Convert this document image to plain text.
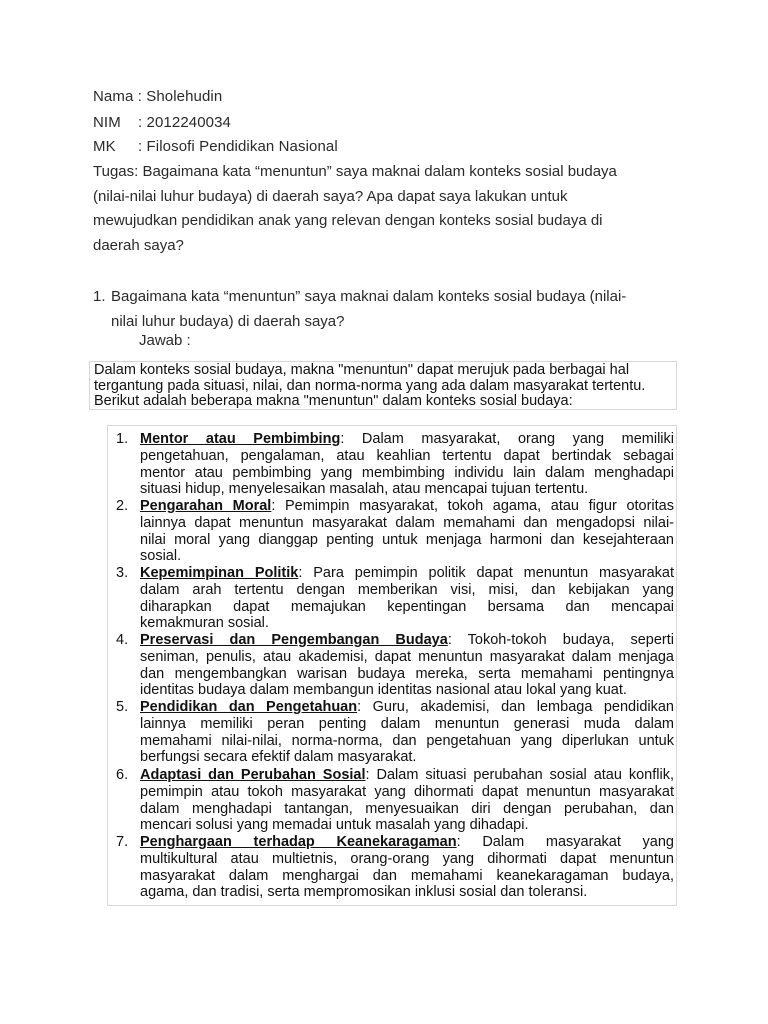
Nama : Sholehudin
NIM : 2012240034
MK : Filosofi Pendidikan Nasional

Tugas: Bagaimana kata “menuntun” saya maknai dalam konteks sosial budaya

(nilai-nilai luhur budaya) di daerah saya? Apa dapat saya lakukan untuk

mewujudkan pendidikan anak yang relevan dengan konteks sosial budaya di

daerah saya?

1. Bagaimana kata “menuntun” saya maknai dalam konteks sosial budaya (nilai-

nilai luhur budaya) di daerah saya?

Jawab :

Dalam konteks sosial budaya, makna "menuntun" dapat merujuk pada berbagai hal

tergantung pada situasi, nilai, dan norma-norma yang ada dalam masyarakat tertentu.

Berikut adalah beberapa makna "menuntun" dalam konteks sosial budaya:

1. Mentor atau Pembimbing: Dalam masyarakat, orang yang memiliki

pengetahuan, pengalaman, atau keahlian tertentu dapat bertindak sebagai

mentor atau pembimbing yang membimbing individu lain dalam menghadapi

situasi hidup, menyelesaikan masalah, atau mencapai tujuan tertentu.

2. Pengarahan Moral: Pemimpin masyarakat, tokoh agama, atau figur otoritas

lainnya dapat menuntun masyarakat dalam memahami dan mengadopsi nilai-

nilai moral yang dianggap penting untuk menjaga harmoni dan kesejahteraan

sosial.

3. Kepemimpinan Politik: Para pemimpin politik dapat menuntun masyarakat

dalam arah tertentu dengan memberikan visi, misi, dan kebijakan yang

diharapkan dapat memajukan kepentingan bersama dan mencapai

kemakmuran sosial.

4. Preservasi dan Pengembangan Budaya: Tokoh-tokoh budaya, seperti

seniman, penulis, atau akademisi, dapat menuntun masyarakat dalam menjaga

dan mengembangkan warisan budaya mereka, serta memahami pentingnya

identitas budaya dalam membangun identitas nasional atau lokal yang kuat.

5. Pendidikan dan Pengetahuan: Guru, akademisi, dan lembaga pendidikan

lainnya memiliki peran penting dalam menuntun generasi muda dalam

memahami nilai-nilai, norma-norma, dan pengetahuan yang diperlukan untuk

berfungsi secara efektif dalam masyarakat.

6. Adaptasi dan Perubahan Sosial: Dalam situasi perubahan sosial atau konflik,

pemimpin atau tokoh masyarakat yang dihormati dapat menuntun masyarakat

dalam menghadapi tantangan, menyesuaikan diri dengan perubahan, dan

mencari solusi yang memadai untuk masalah yang dihadapi.

7. Penghargaan terhadap Keanekaragaman: Dalam masyarakat yang

multikultural atau multietnis, orang-orang yang dihormati dapat menuntun

masyarakat dalam menghargai dan memahami keanekaragaman budaya,

agama, dan tradisi, serta mempromosikan inklusi sosial dan toleransi.
